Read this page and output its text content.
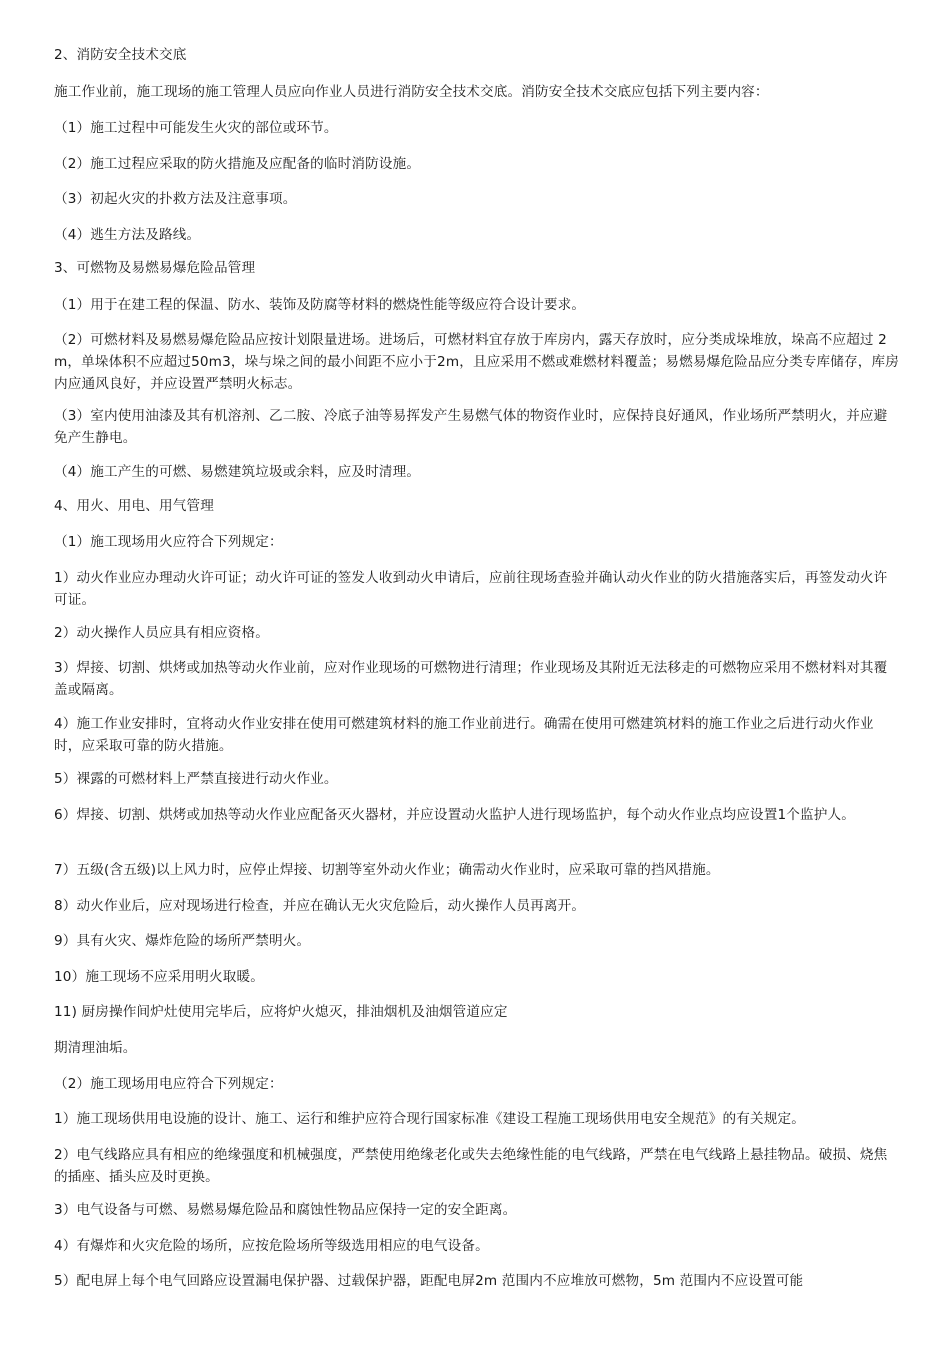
2、消防安全技术交底

施工作业前，施工现场的施工管理人员应向作业人员进行消防安全技术交底。消防安全技术交底应包括下列主要内容：

（1）施工过程中可能发生火灾的部位或环节。

（2）施工过程应采取的防火措施及应配备的临时消防设施。

（3）初起火灾的扑救方法及注意事项。

（4）逃生方法及路线。

3、可燃物及易燃易爆危险品管理

（1）用于在建工程的保温、防水、装饰及防腐等材料的燃烧性能等级应符合设计要求。

（2）可燃材料及易燃易爆危险品应按计划限量进场。进场后，可燃材料宜存放于库房内，露天存放时，应分类成垛堆放，垛高不应超过 2m，单垛体积不应超过50m3，垛与垛之间的最小间距不应小于2m，且应采用不燃或难燃材料覆盖；易燃易爆危险品应分类专库储存，库房内应通风良好，并应设置严禁明火标志。

（3）室内使用油漆及其有机溶剂、乙二胺、冷底子油等易挥发产生易燃气体的物资作业时，应保持良好通风，作业场所严禁明火，并应避免产生静电。

（4）施工产生的可燃、易燃建筑垃圾或余料，应及时清理。

4、用火、用电、用气管理

（1）施工现场用火应符合下列规定：

1）动火作业应办理动火许可证；动火许可证的签发人收到动火申请后，应前往现场查验并确认动火作业的防火措施落实后，再签发动火许可证。

2）动火操作人员应具有相应资格。

3）焊接、切割、烘烤或加热等动火作业前，应对作业现场的可燃物进行清理；作业现场及其附近无法移走的可燃物应采用不燃材料对其覆盖或隔离。

4）施工作业安排时，宜将动火作业安排在使用可燃建筑材料的施工作业前进行。确需在使用可燃建筑材料的施工作业之后进行动火作业时，应采取可靠的防火措施。

5）裸露的可燃材料上严禁直接进行动火作业。

6）焊接、切割、烘烤或加热等动火作业应配备灭火器材，并应设置动火监护人进行现场监护，每个动火作业点均应设置1个监护人。

7）五级(含五级)以上风力时，应停止焊接、切割等室外动火作业；确需动火作业时，应采取可靠的挡风措施。

8）动火作业后，应对现场进行检查，并应在确认无火灾危险后，动火操作人员再离开。

9）具有火灾、爆炸危险的场所严禁明火。

10）施工现场不应采用明火取暖。

11) 厨房操作间炉灶使用完毕后，应将炉火熄灭，排油烟机及油烟管道应定

期清理油垢。

（2）施工现场用电应符合下列规定：

1）施工现场供用电设施的设计、施工、运行和维护应符合现行国家标准《建设工程施工现场供用电安全规范》的有关规定。

2）电气线路应具有相应的绝缘强度和机械强度，严禁使用绝缘老化或失去绝缘性能的电气线路，严禁在电气线路上悬挂物品。破损、烧焦的插座、插头应及时更换。

3）电气设备与可燃、易燃易爆危险品和腐蚀性物品应保持一定的安全距离。

4）有爆炸和火灾危险的场所，应按危险场所等级选用相应的电气设备。

5）配电屏上每个电气回路应设置漏电保护器、过载保护器，距配电屏2m 范围内不应堆放可燃物，5m 范围内不应设置可能
